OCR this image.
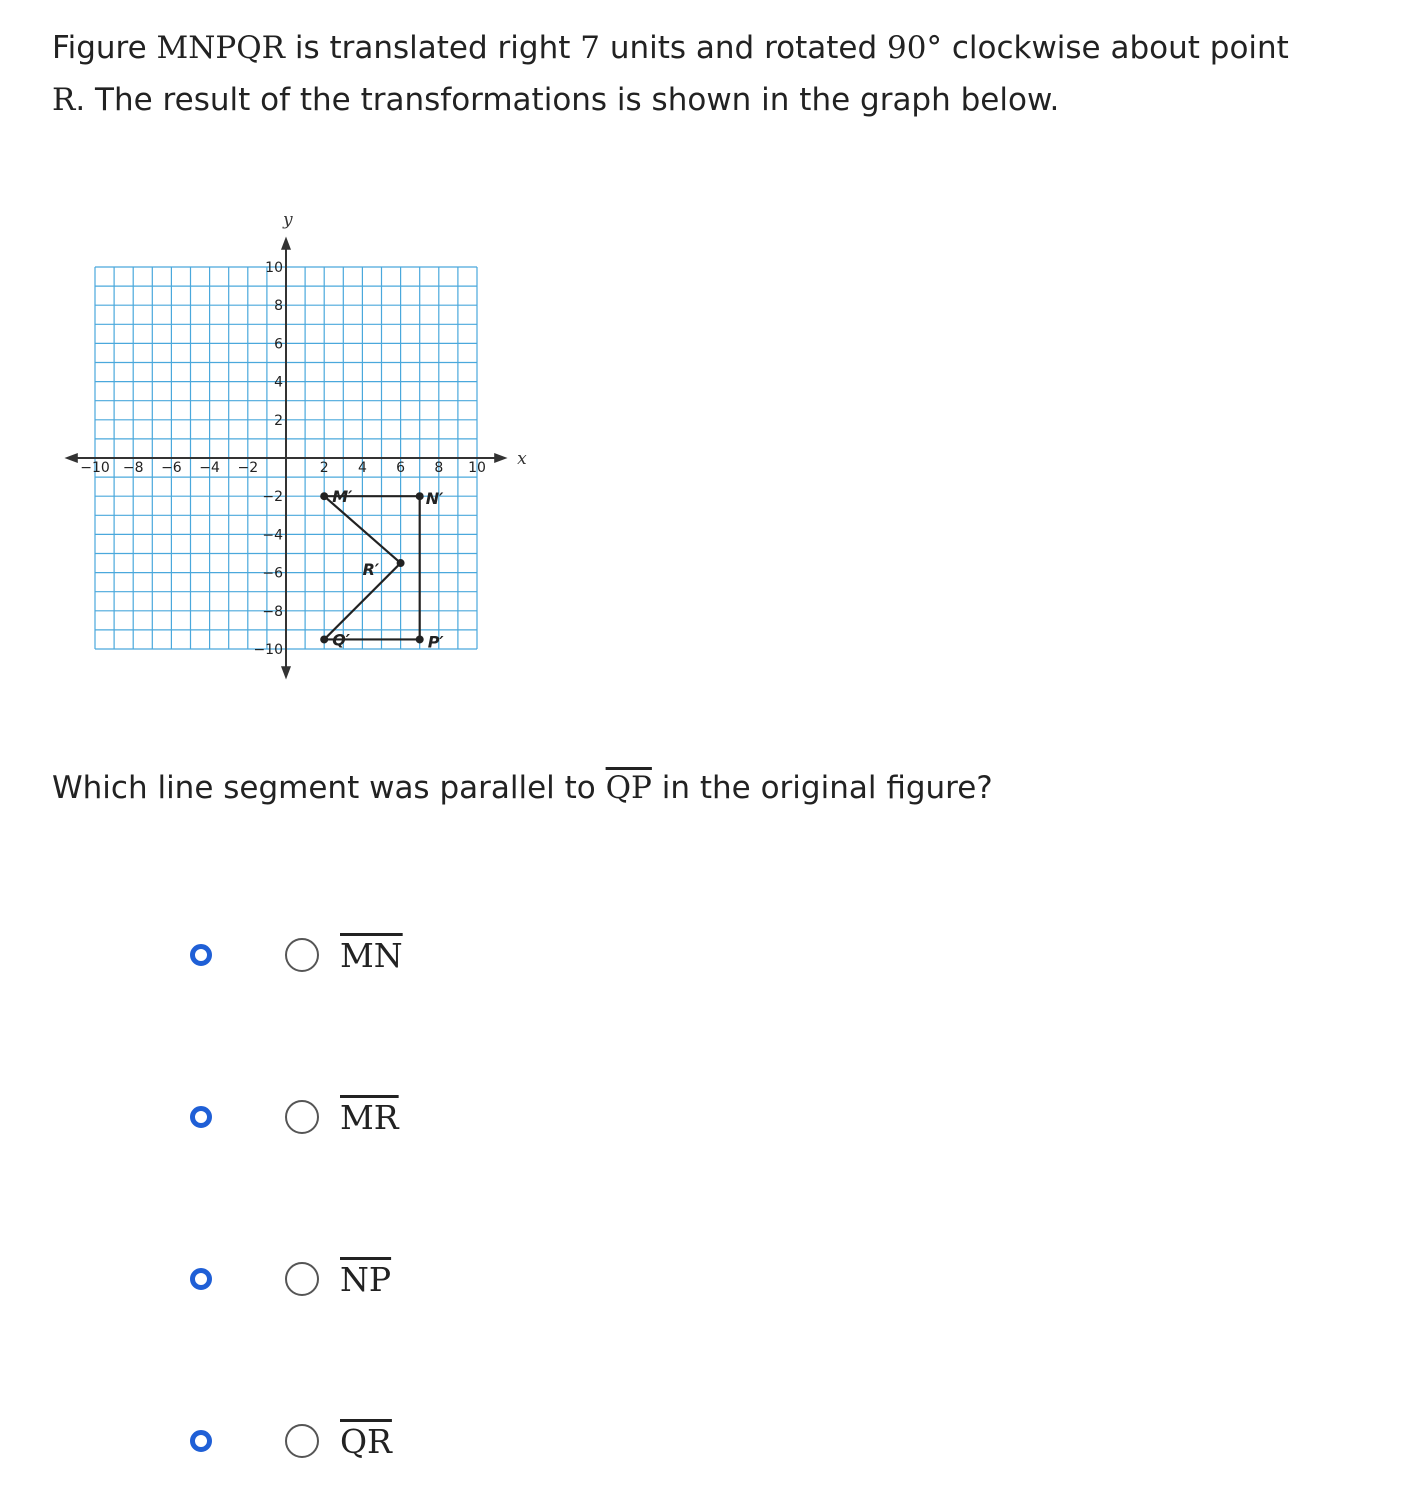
Figure MNPQR is translated right 7 units and rotated 90° clockwise about point
R. The result of the transformations is shown in the graph below.
x
y
−10 −8 −6 −4 −2	2 4 6 8 10
10
8
6
4
2
−2
−4
−6
−8
−10
M′	N′
R′
Q′	P′
Which line segment was parallel to $\overline{QP}$ in the original figure?
$\overline{MN}$
$\overline{MR}$
$\overline{NP}$
$\overline{QR}$
